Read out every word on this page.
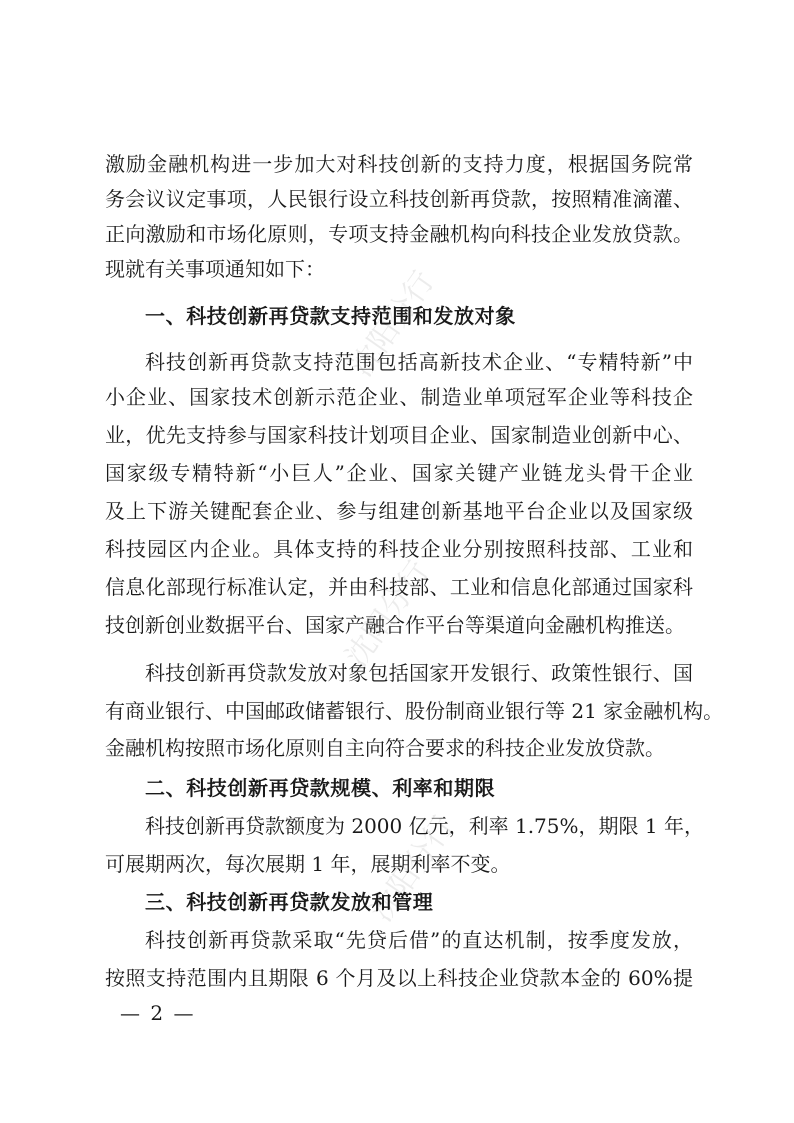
沈阳分行
沈阳分行
沈阳分行
激励金融机构进一步加大对科技创新的支持力度，根据国务院常
务会议议定事项，人民银行设立科技创新再贷款，按照精准滴灌、
正向激励和市场化原则，专项支持金融机构向科技企业发放贷款。
现就有关事项通知如下：
一、科技创新再贷款支持范围和发放对象
科技创新再贷款支持范围包括高新技术企业、“专精特新”中
小企业、国家技术创新示范企业、制造业单项冠军企业等科技企
业，优先支持参与国家科技计划项目企业、国家制造业创新中心、
国家级专精特新“小巨人”企业、国家关键产业链龙头骨干企业
及上下游关键配套企业、参与组建创新基地平台企业以及国家级
科技园区内企业。具体支持的科技企业分别按照科技部、工业和
信息化部现行标准认定，并由科技部、工业和信息化部通过国家科
技创新创业数据平台、国家产融合作平台等渠道向金融机构推送。
科技创新再贷款发放对象包括国家开发银行、政策性银行、国
有商业银行、中国邮政储蓄银行、股份制商业银行等 21 家金融机构。
金融机构按照市场化原则自主向符合要求的科技企业发放贷款。
二、科技创新再贷款规模、利率和期限
科技创新再贷款额度为 2000 亿元，利率 1.75%，期限 1 年，
可展期两次，每次展期 1 年，展期利率不变。
三、科技创新再贷款发放和管理
科技创新再贷款采取“先贷后借”的直达机制，按季度发放，
按照支持范围内且期限 6 个月及以上科技企业贷款本金的 60%提
— 2 —
